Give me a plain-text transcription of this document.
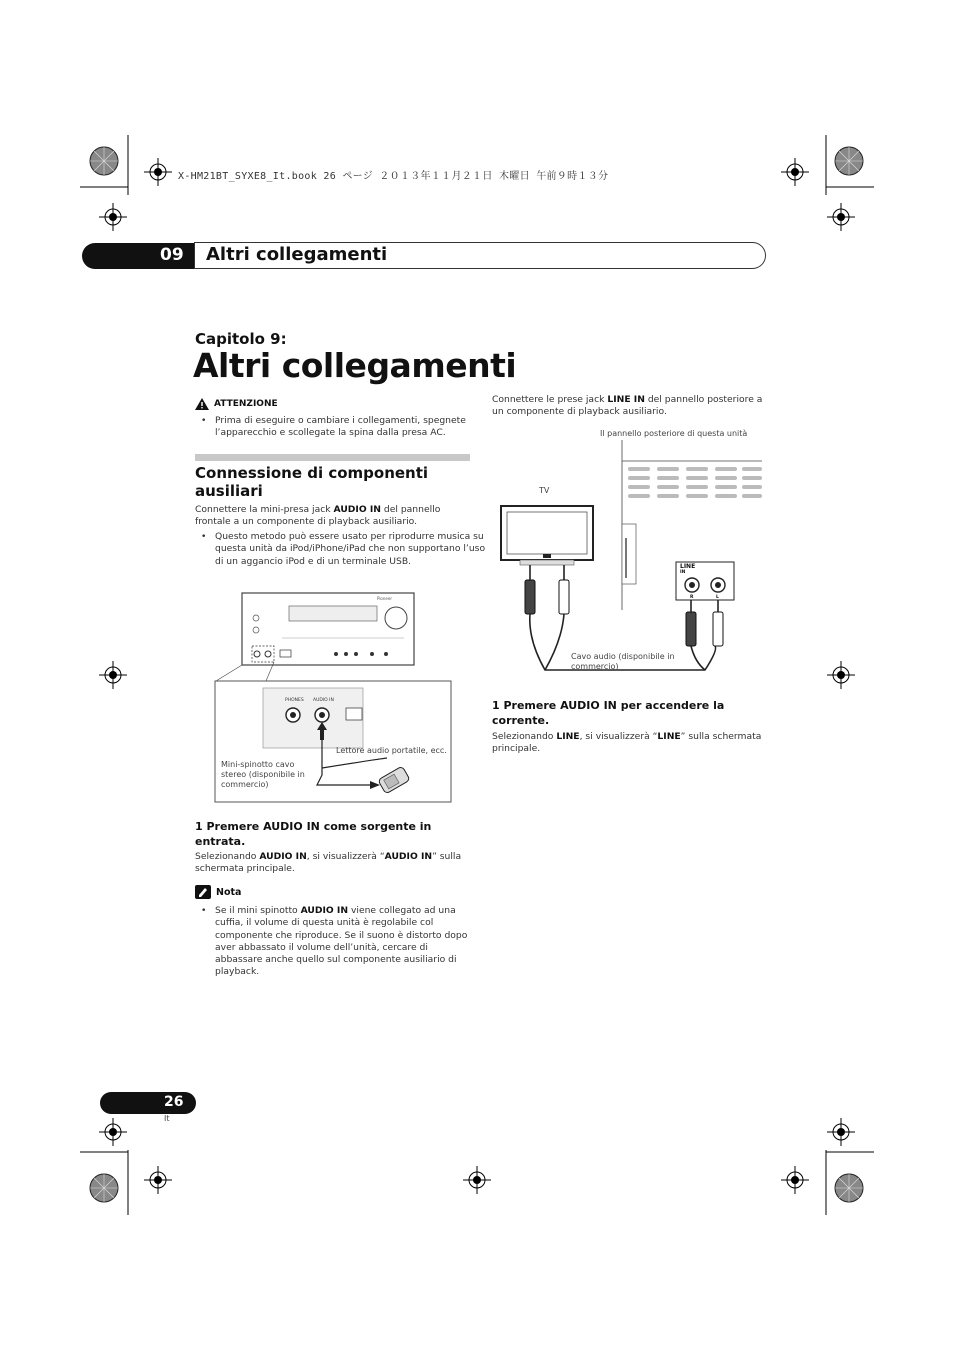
X-HM21BT_SYXE8_It.book 26 ページ ２０１３年１１月２１日 木曜日 午前９時１３分
09 Altri collegamenti
Capitolo 9:
Altri collegamenti
ATTENZIONE
• Prima di eseguire o cambiare i collegamenti, spegnete l’apparecchio e scollegate la spina dalla presa AC.
Connessione di componenti ausiliari
Connettere la mini-presa jack AUDIO IN del pannello frontale a un componente di playback ausiliario.
• Questo metodo può essere usato per riprodurre musica su questa unità da iPod/iPhone/iPad che non supportano l’uso di un aggancio iPod e di un terminale USB.
Pioneer
PHONES AUDIO IN
Lettore audio portatile, ecc.
Mini-spinotto cavo stereo (disponibile in commercio)
1 Premere AUDIO IN come sorgente in entrata.
Selezionando AUDIO IN, si visualizzerà “AUDIO IN” sulla schermata principale.
Nota
• Se il mini spinotto AUDIO IN viene collegato ad una cuffia, il volume di questa unità è regolabile col componente che riproduce. Se il suono è distorto dopo aver abbassato il volume dell’unità, cercare di abbassare anche quello sul componente ausiliario di playback.
Connettere le prese jack LINE IN del pannello posteriore a un componente di playback ausiliario.
Il pannello posteriore di questa unità
TV
LINE
IN
R	L
Cavo audio (disponibile in commercio)
1 Premere AUDIO IN per accendere la corrente.
Selezionando LINE, si visualizzerà “LINE” sulla schermata principale.
26
It
